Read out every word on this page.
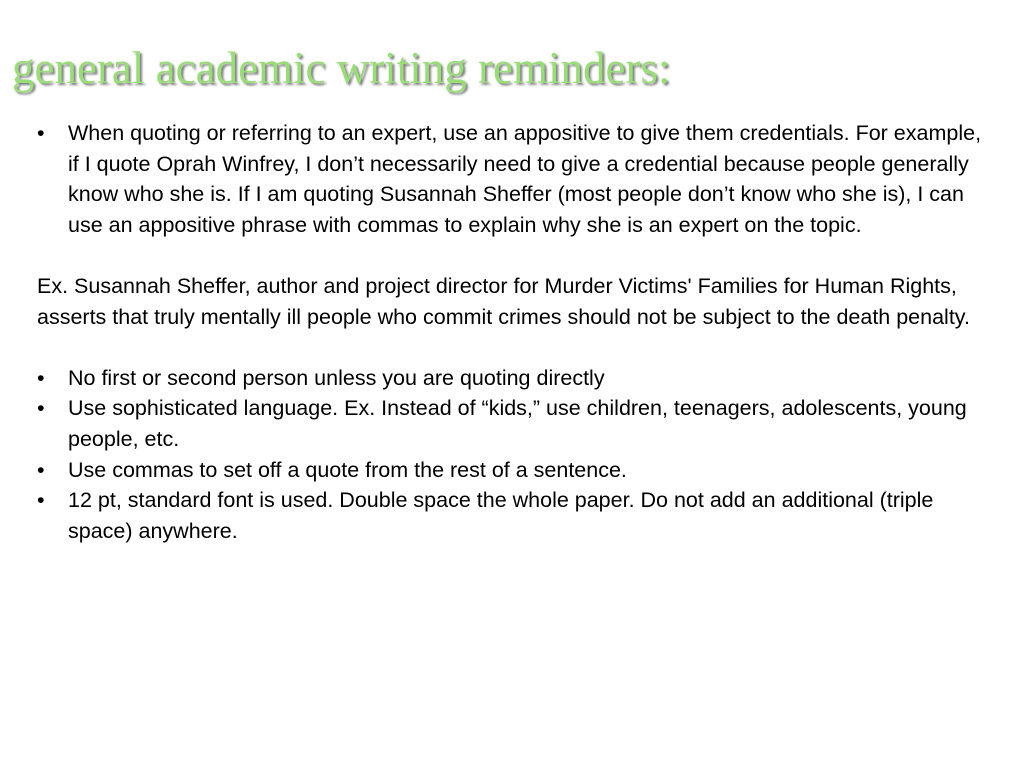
general academic writing reminders:
•	When quoting or referring to an expert, use an appositive to give them credentials. For example, if I quote Oprah Winfrey, I don’t necessarily need to give a credential because people generally know who she is. If I am quoting Susannah Sheffer (most people don’t know who she is), I can use an appositive phrase with commas to explain why she is an expert on the topic.

Ex. Susannah Sheffer, author and project director for Murder Victims' Families for Human Rights, asserts that truly mentally ill people who commit crimes should not be subject to the death penalty.

•	No first or second person unless you are quoting directly
•	Use sophisticated language. Ex. Instead of “kids,” use children, teenagers, adolescents, young people, etc.
•	Use commas to set off a quote from the rest of a sentence.
•	12 pt, standard font is used. Double space the whole paper. Do not add an additional (triple space) anywhere.
